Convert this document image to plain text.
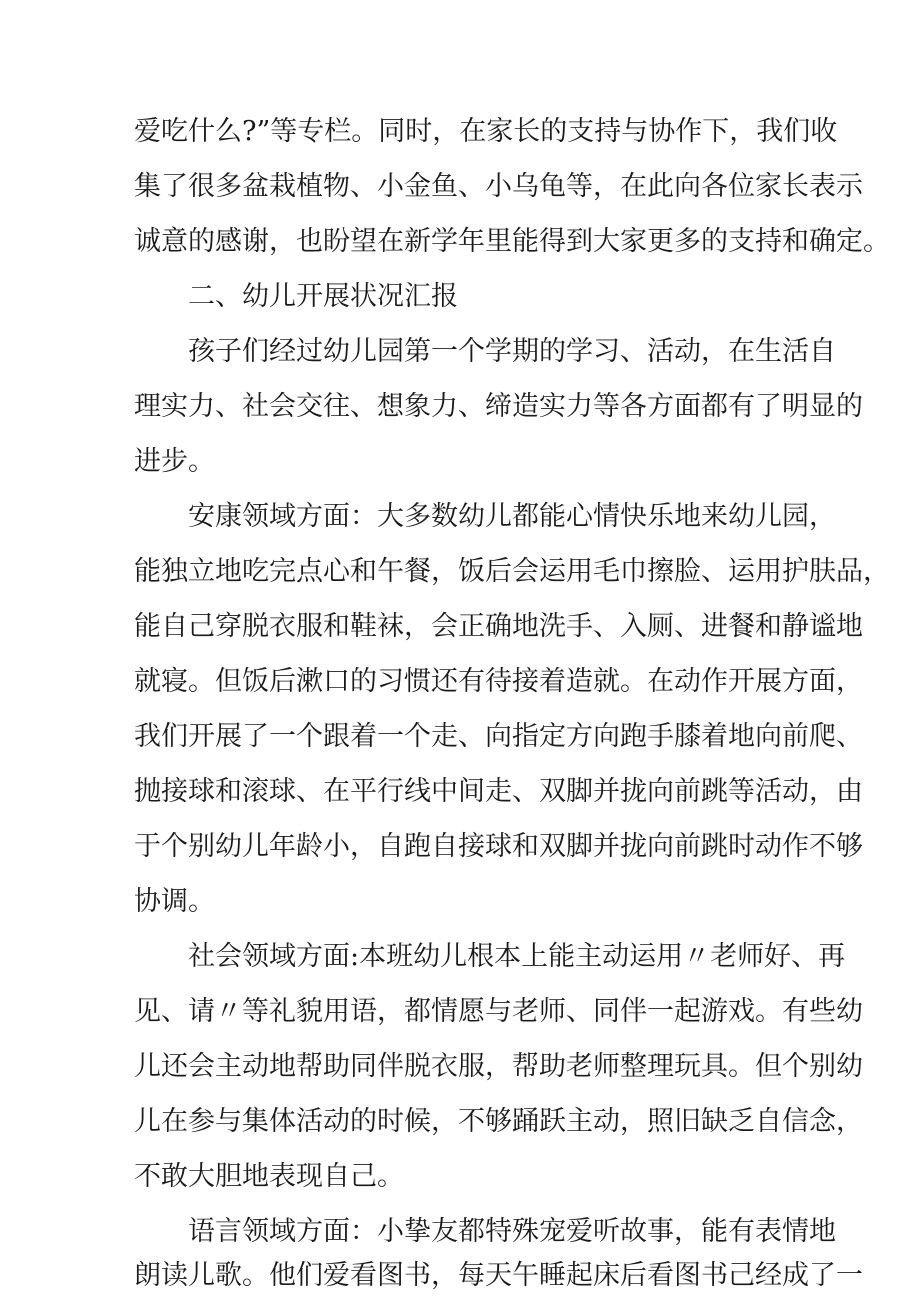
爱吃什么?”等专栏。同时，在家长的支持与协作下，我们收
集了很多盆栽植物、小金鱼、小乌龟等，在此向各位家长表示
诚意的感谢，也盼望在新学年里能得到大家更多的支持和确定。
二、幼儿开展状况汇报
孩子们经过幼儿园第一个学期的学习、活动，在生活自
理实力、社会交往、想象力、缔造实力等各方面都有了明显的
进步。
安康领域方面：大多数幼儿都能心情快乐地来幼儿园，
能独立地吃完点心和午餐，饭后会运用毛巾擦脸、运用护肤品，
能自己穿脱衣服和鞋袜，会正确地洗手、入厕、进餐和静谧地
就寝。但饭后漱口的习惯还有待接着造就。在动作开展方面，
我们开展了一个跟着一个走、向指定方向跑手膝着地向前爬、
抛接球和滚球、在平行线中间走、双脚并拢向前跳等活动，由
于个别幼儿年龄小，自跑自接球和双脚并拢向前跳时动作不够
协调。
社会领域方面:本班幼儿根本上能主动运用〃老师好、再
见、请〃等礼貌用语，都情愿与老师、同伴一起游戏。有些幼
儿还会主动地帮助同伴脱衣服，帮助老师整理玩具。但个别幼
儿在参与集体活动的时候，不够踊跃主动，照旧缺乏自信念，
不敢大胆地表现自己。
语言领域方面：小挚友都特殊宠爱听故事，能有表情地
朗读儿歌。他们爱看图书，每天午睡起床后看图书己经成了一
